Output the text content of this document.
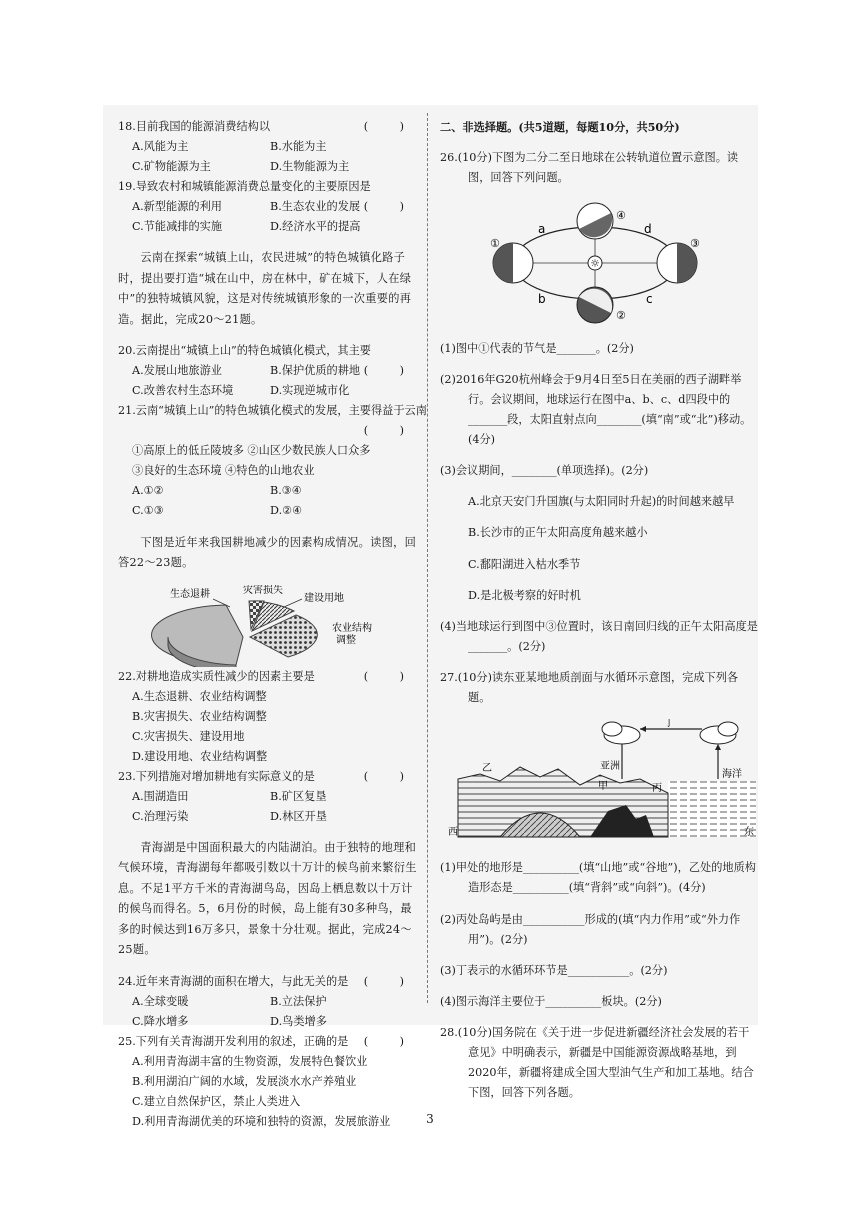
18.目前我国的能源消费结构以	( )

A.风能为主	B.水能为主
C.矿物能源为主	D.生物能源为主

19.导致农村和城镇能源消费总量变化的主要原因是
( )

A.新型能源的利用	B.生态农业的发展
C.节能减排的实施	D.经济水平的提高

云南在探索“城镇上山，农民进城”的特色城镇化路子时，提出要打造“城在山中，房在林中，矿在城下，人在绿中”的独特城镇风貌，这是对传统城镇形象的一次重要的再造。据此，完成20～21题。

20.云南提出“城镇上山”的特色城镇化模式，其主要
( )

A.发展山地旅游业	B.保护优质的耕地
C.改善农村生态环境	D.实现逆城市化

21.云南“城镇上山”的特色城镇化模式的发展，主要得益于云南

( )

①高原上的低丘陵坡多 ②山区少数民族人口众多

③良好的生态环境 ④特色的山地农业

A.①②	B.③④
C.①③	D.②④

下图是近年来我国耕地减少的因素构成情况。读图，回答22～23题。

生态退耕	灾害损失
建设用地
农业结构
调整

22.对耕地造成实质性减少的因素主要是	( )

A.生态退耕、农业结构调整

B.灾害损失、农业结构调整

C.灾害损失、建设用地

D.建设用地、农业结构调整

23.下列措施对增加耕地有实际意义的是	( )

A.围湖造田	B.矿区复垦
C.治理污染	D.林区开垦

青海湖是中国面积最大的内陆湖泊。由于独特的地理和气候环境，青海湖每年都吸引数以十万计的候鸟前来繁衍生息。不足1平方千米的青海湖鸟岛，因岛上栖息数以十万计的候鸟而得名。5，6月份的时候，岛上能有30多种鸟，最多的时候达到16万多只，景象十分壮观。据此，完成24～25题。

24.近年来青海湖的面积在增大，与此无关的是 ( )

A.全球变暖	B.立法保护
C.降水增多	D.鸟类增多

25.下列有关青海湖开发利用的叙述，正确的是 ( )

A.利用青海湖丰富的生物资源，发展特色餐饮业

B.利用湖泊广阔的水域，发展淡水水产养殖业

C.建立自然保护区，禁止人类进入

D.利用青海湖优美的环境和独特的资源，发展旅游业

二、非选择题。(共5道题，每题10分，共50分)

26.(10分)下图为二分二至日地球在公转轨道位置示意图。读图，回答下列问题。

☼
①	③
④
②
a	d
b	c

(1)图中①代表的节气是_______。(2分)

(2)2016年G20杭州峰会于9月4日至5日在美丽的西子湖畔举行。会议期间，地球运行在图中a、b、c、d四段中的_______段，太阳直射点向________(填“南”或“北”)移动。(4分)

(3)会议期间，________(单项选择)。(2分)

A.北京天安门升国旗(与太阳同时升起)的时间越来越早

B.长沙市的正午太阳高度角越来越小

C.鄱阳湖进入枯水季节

D.是北极考察的好时机

(4)当地球运行到图中③位置时，该日南回归线的正午太阳高度是_______。(2分)

27.(10分)读东亚某地地质剖面与水循环示意图，完成下列各题。

丁
乙
甲	丙
亚洲
海洋
西	东

(1)甲处的地形是__________(填“山地”或“谷地”)，乙处的地质构造形态是__________(填“背斜”或“向斜”)。(4分)

(2)丙处岛屿是由___________形成的(填“内力作用”或“外力作用”)。(2分)

(3)丁表示的水循环环节是___________。(2分)

(4)图示海洋主要位于__________板块。(2分)

28.(10分)国务院在《关于进一步促进新疆经济社会发展的若干意见》中明确表示，新疆是中国能源资源战略基地，到2020年，新疆将建成全国大型油气生产和加工基地。结合下图，回答下列各题。

3
